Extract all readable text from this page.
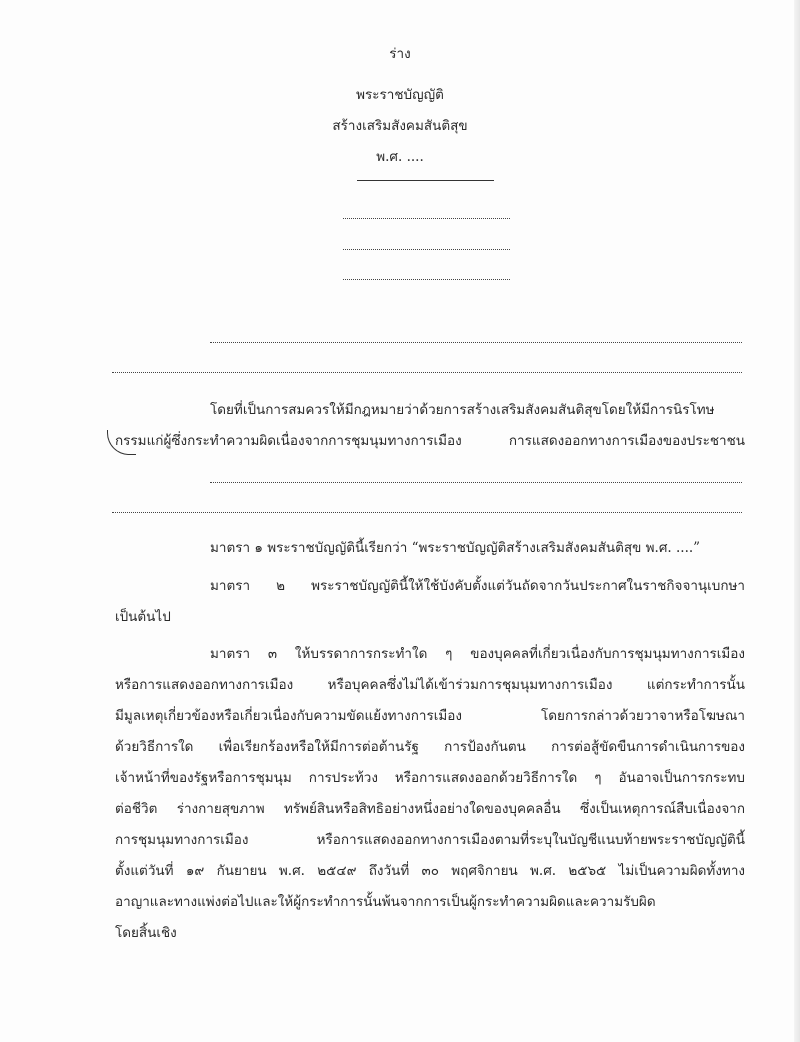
ร่าง
พระราชบัญญัติ
สร้างเสริมสังคมสันติสุข
พ.ศ. ....
โดยที่เป็นการสมควรให้มีกฎหมายว่าด้วยการสร้างเสริมสังคมสันติสุขโดยให้มีการนิรโทษ
กรรมแก่ผู้ซึ่งกระทำความผิดเนื่องจากการชุมนุมทางการเมือง การแสดงออกทางการเมืองของประชาชน
มาตรา ๑ พระราชบัญญัตินี้เรียกว่า “พระราชบัญญัติสร้างเสริมสังคมสันติสุข พ.ศ. ....”
มาตรา ๒ พระราชบัญญัตินี้ให้ใช้บังคับตั้งแต่วันถัดจากวันประกาศในราชกิจจานุเบกษา
เป็นต้นไป
มาตรา ๓ ให้บรรดาการกระทำใด ๆ ของบุคคลที่เกี่ยวเนื่องกับการชุมนุมทางการเมือง
หรือการแสดงออกทางการเมือง หรือบุคคลซึ่งไม่ได้เข้าร่วมการชุมนุมทางการเมือง แต่กระทำการนั้น
มีมูลเหตุเกี่ยวข้องหรือเกี่ยวเนื่องกับความขัดแย้งทางการเมือง โดยการกล่าวด้วยวาจาหรือโฆษณา
ด้วยวิธีการใด เพื่อเรียกร้องหรือให้มีการต่อต้านรัฐ การป้องกันตน การต่อสู้ขัดขืนการดำเนินการของ
เจ้าหน้าที่ของรัฐหรือการชุมนุม การประท้วง หรือการแสดงออกด้วยวิธีการใด ๆ อันอาจเป็นการกระทบ
ต่อชีวิต ร่างกายสุขภาพ ทรัพย์สินหรือสิทธิอย่างหนึ่งอย่างใดของบุคคลอื่น ซึ่งเป็นเหตุการณ์สืบเนื่องจาก
การชุมนุมทางการเมือง หรือการแสดงออกทางการเมืองตามที่ระบุในบัญชีแนบท้ายพระราชบัญญัตินี้
ตั้งแต่วันที่ ๑๙ กันยายน พ.ศ. ๒๕๔๙ ถึงวันที่ ๓๐ พฤศจิกายน พ.ศ. ๒๕๖๕ ไม่เป็นความผิดทั้งทาง
อาญาและทางแพ่งต่อไปและให้ผู้กระทำการนั้นพ้นจากการเป็นผู้กระทำความผิดและความรับผิด
โดยสิ้นเชิง
